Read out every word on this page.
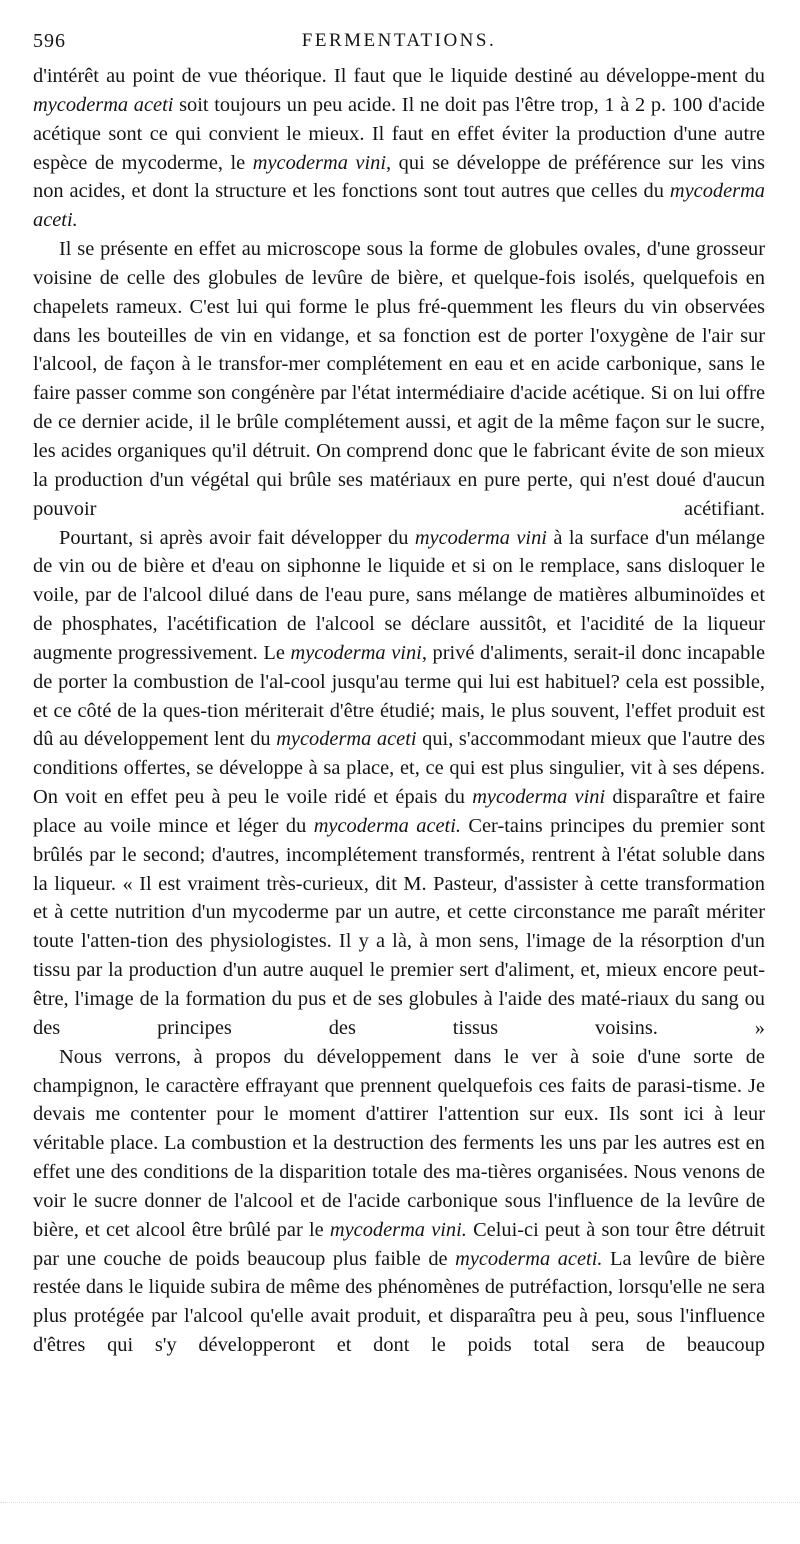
596	FERMENTATIONS.

d'intérêt au point de vue théorique. Il faut que le liquide destiné au développe-ment du mycoderma aceti soit toujours un peu acide. Il ne doit pas l'être trop, 1 à 2 p. 100 d'acide acétique sont ce qui convient le mieux. Il faut en effet éviter la production d'une autre espèce de mycoderme, le mycoderma vini, qui se développe de préférence sur les vins non acides, et dont la structure et les fonctions sont tout autres que celles du mycoderma aceti.

Il se présente en effet au microscope sous la forme de globules ovales, d'une grosseur voisine de celle des globules de levûre de bière, et quelque-fois isolés, quelquefois en chapelets rameux. C'est lui qui forme le plus fré-quemment les fleurs du vin observées dans les bouteilles de vin en vidange, et sa fonction est de porter l'oxygène de l'air sur l'alcool, de façon à le transfor-mer complétement en eau et en acide carbonique, sans le faire passer comme son congénère par l'état intermédiaire d'acide acétique. Si on lui offre de ce dernier acide, il le brûle complétement aussi, et agit de la même façon sur le sucre, les acides organiques qu'il détruit. On comprend donc que le fabricant évite de son mieux la production d'un végétal qui brûle ses matériaux en pure perte, qui n'est doué d'aucun pouvoir acétifiant.

Pourtant, si après avoir fait développer du mycoderma vini à la surface d'un mélange de vin ou de bière et d'eau on siphonne le liquide et si on le remplace, sans disloquer le voile, par de l'alcool dilué dans de l'eau pure, sans mélange de matières albuminoïdes et de phosphates, l'acétification de l'alcool se déclare aussitôt, et l'acidité de la liqueur augmente progressivement. Le mycoderma vini, privé d'aliments, serait-il donc incapable de porter la combustion de l'al-cool jusqu'au terme qui lui est habituel? cela est possible, et ce côté de la ques-tion mériterait d'être étudié; mais, le plus souvent, l'effet produit est dû au développement lent du mycoderma aceti qui, s'accommodant mieux que l'autre des conditions offertes, se développe à sa place, et, ce qui est plus singulier, vit à ses dépens. On voit en effet peu à peu le voile ridé et épais du mycoderma vini disparaître et faire place au voile mince et léger du mycoderma aceti. Cer-tains principes du premier sont brûlés par le second; d'autres, incomplétement transformés, rentrent à l'état soluble dans la liqueur. « Il est vraiment très-curieux, dit M. Pasteur, d'assister à cette transformation et à cette nutrition d'un mycoderme par un autre, et cette circonstance me paraît mériter toute l'atten-tion des physiologistes. Il y a là, à mon sens, l'image de la résorption d'un tissu par la production d'un autre auquel le premier sert d'aliment, et, mieux encore peut-être, l'image de la formation du pus et de ses globules à l'aide des maté-riaux du sang ou des principes des tissus voisins. »

Nous verrons, à propos du développement dans le ver à soie d'une sorte de champignon, le caractère effrayant que prennent quelquefois ces faits de parasi-tisme. Je devais me contenter pour le moment d'attirer l'attention sur eux. Ils sont ici à leur véritable place. La combustion et la destruction des ferments les uns par les autres est en effet une des conditions de la disparition totale des ma-tières organisées. Nous venons de voir le sucre donner de l'alcool et de l'acide carbonique sous l'influence de la levûre de bière, et cet alcool être brûlé par le mycoderma vini. Celui-ci peut à son tour être détruit par une couche de poids beaucoup plus faible de mycoderma aceti. La levûre de bière restée dans le liquide subira de même des phénomènes de putréfaction, lorsqu'elle ne sera plus protégée par l'alcool qu'elle avait produit, et disparaîtra peu à peu, sous l'influence d'êtres qui s'y développeront et dont le poids total sera de beaucoup
